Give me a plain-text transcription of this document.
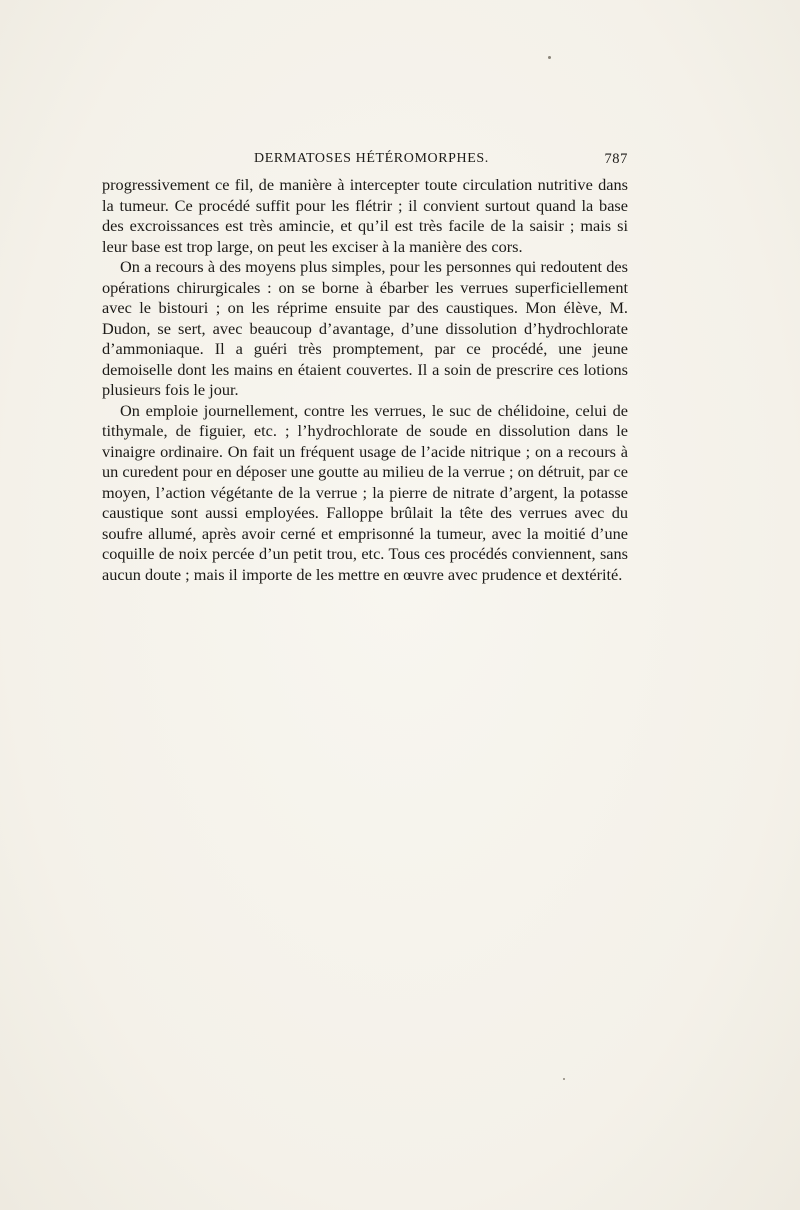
DERMATOSES HÉTÉROMORPHES.	787

progressivement ce fil, de manière à intercepter toute circulation nutritive dans la tumeur. Ce procédé suffit pour les flétrir ; il convient surtout quand la base des excroissances est très amincie, et qu’il est très facile de la saisir ; mais si leur base est trop large, on peut les exciser à la manière des cors.

On a recours à des moyens plus simples, pour les personnes qui redoutent des opérations chirurgicales : on se borne à ébarber les verrues superficiellement avec le bistouri ; on les réprime ensuite par des caustiques. Mon élève, M. Dudon, se sert, avec beaucoup d’avantage, d’une dissolution d’hydrochlorate d’ammoniaque. Il a guéri très promptement, par ce procédé, une jeune demoiselle dont les mains en étaient couvertes. Il a soin de prescrire ces lotions plusieurs fois le jour.

On emploie journellement, contre les verrues, le suc de chélidoine, celui de tithymale, de figuier, etc. ; l’hydrochlorate de soude en dissolution dans le vinaigre ordinaire. On fait un fréquent usage de l’acide nitrique ; on a recours à un curedent pour en déposer une goutte au milieu de la verrue ; on détruit, par ce moyen, l’action végétante de la verrue ; la pierre de nitrate d’argent, la potasse caustique sont aussi employées. Falloppe brûlait la tête des verrues avec du soufre allumé, après avoir cerné et emprisonné la tumeur, avec la moitié d’une coquille de noix percée d’un petit trou, etc. Tous ces procédés conviennent, sans aucun doute ; mais il importe de les mettre en œuvre avec prudence et dextérité.
